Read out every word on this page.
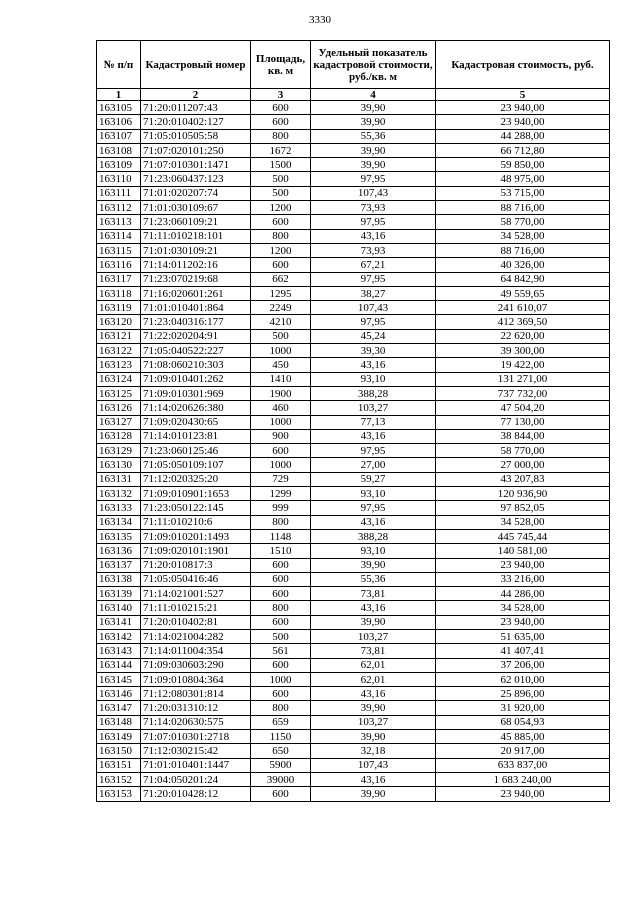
3330
№ п/п	Кадастровый номер	Площадь, кв. м	Удельный показатель кадастровой стоимости, руб./кв. м	Кадастровая стоимость, руб.
1	2	3	4	5
163105	71:20:011207:43	600	39,90	23 940,00
163106	71:20:010402:127	600	39,90	23 940,00
163107	71:05:010505:58	800	55,36	44 288,00
163108	71:07:020101:250	1672	39,90	66 712,80
163109	71:07:010301:1471	1500	39,90	59 850,00
163110	71:23:060437:123	500	97,95	48 975,00
163111	71:01:020207:74	500	107,43	53 715,00
163112	71:01:030109:67	1200	73,93	88 716,00
163113	71:23:060109:21	600	97,95	58 770,00
163114	71:11:010218:101	800	43,16	34 528,00
163115	71:01:030109:21	1200	73,93	88 716,00
163116	71:14:011202:16	600	67,21	40 326,00
163117	71:23:070219:68	662	97,95	64 842,90
163118	71:16:020601:261	1295	38,27	49 559,65
163119	71:01:010401:864	2249	107,43	241 610,07
163120	71:23:040316:177	4210	97,95	412 369,50
163121	71:22:020204:91	500	45,24	22 620,00
163122	71:05:040522:227	1000	39,30	39 300,00
163123	71:08:060210:303	450	43,16	19 422,00
163124	71:09:010401:262	1410	93,10	131 271,00
163125	71:09:010301:969	1900	388,28	737 732,00
163126	71:14:020626:380	460	103,27	47 504,20
163127	71:09:020430:65	1000	77,13	77 130,00
163128	71:14:010123:81	900	43,16	38 844,00
163129	71:23:060125:46	600	97,95	58 770,00
163130	71:05:050109:107	1000	27,00	27 000,00
163131	71:12:020325:20	729	59,27	43 207,83
163132	71:09:010901:1653	1299	93,10	120 936,90
163133	71:23:050122:145	999	97,95	97 852,05
163134	71:11:010210:6	800	43,16	34 528,00
163135	71:09:010201:1493	1148	388,28	445 745,44
163136	71:09:020101:1901	1510	93,10	140 581,00
163137	71:20:010817:3	600	39,90	23 940,00
163138	71:05:050416:46	600	55,36	33 216,00
163139	71:14:021001:527	600	73,81	44 286,00
163140	71:11:010215:21	800	43,16	34 528,00
163141	71:20:010402:81	600	39,90	23 940,00
163142	71:14:021004:282	500	103,27	51 635,00
163143	71:14:011004:354	561	73,81	41 407,41
163144	71:09:030603:290	600	62,01	37 206,00
163145	71:09:010804:364	1000	62,01	62 010,00
163146	71:12:080301:814	600	43,16	25 896,00
163147	71:20:031310:12	800	39,90	31 920,00
163148	71:14:020630:575	659	103,27	68 054,93
163149	71:07:010301:2718	1150	39,90	45 885,00
163150	71:12:030215:42	650	32,18	20 917,00
163151	71:01:010401:1447	5900	107,43	633 837,00
163152	71:04:050201:24	39000	43,16	1 683 240,00
163153	71:20:010428:12	600	39,90	23 940,00
